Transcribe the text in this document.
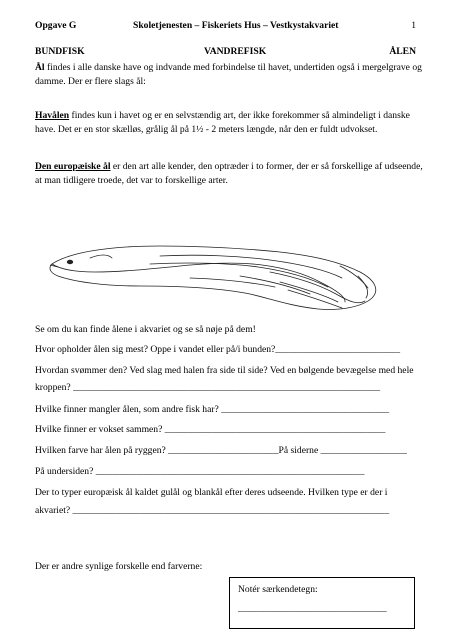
Opgave G	Skoletjenesten – Fiskeriets Hus – Vestkystakvariet	1
BUNDFISK	VANDREFISK	ÅLEN
Ål findes i alle danske have og indvande med forbindelse til havet, undertiden også i mergelgrave og damme. Der er flere slags ål:
Havålen findes kun i havet og er en selvstændig art, der ikke forekommer så almindeligt i danske have. Det er en stor skælløs, grålig ål på 1½ - 2 meters længde, når den er fuldt udvokset.
Den europæiske ål er den art alle kender, den optræder i to former, der er så forskellige af udseende, at man tidligere troede, det var to forskellige arter.
Se om du kan finde ålene i akvariet og se så nøje på dem!
Hvor opholder ålen sig mest? Oppe i vandet eller på/i bunden?__________________________
Hvordan svømmer den? Ved slag med halen fra side til side? Ved en bølgende bevægelse med hele
kroppen? ________________________________________________________________
Hvilke finner mangler ålen, som andre fisk har? ___________________________________
Hvilke finner er vokset sammen? ______________________________________________
Hvilken farve har ålen på ryggen? _______________________På siderne __________________
På undersiden? ________________________________________________________
Der to typer europæisk ål kaldet gulål og blankål efter deres udseende. Hvilken type er der i
akvariet? __________________________________________________________________
Der er andre synlige forskelle end farverne:
Notér særkendetegn:
_______________________________
